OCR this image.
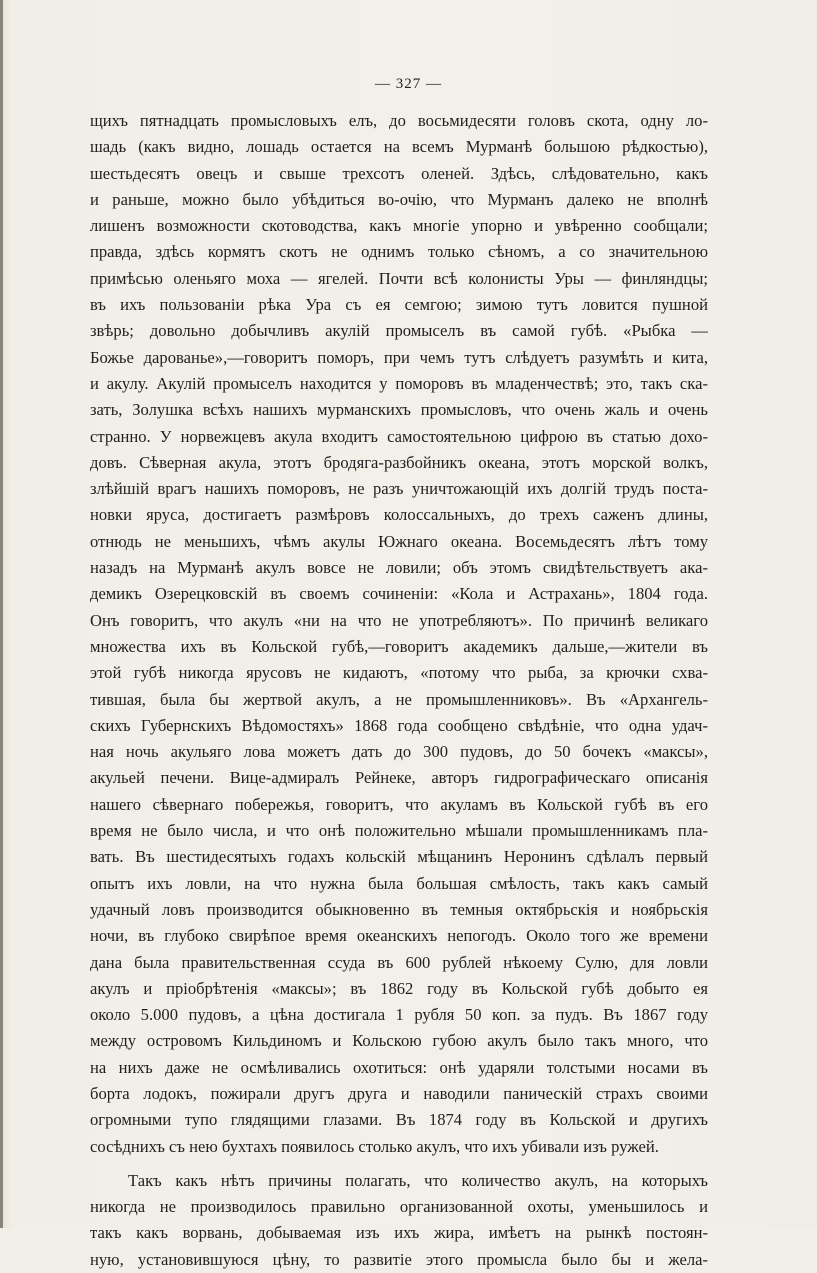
— 327 —
щихъ пятнадцать промысловыхъ елъ, до восьмидесяти головъ скота, одну ло-
шадь (какъ видно, лошадь остается на всемъ Мурманѣ большою рѣдкостью),
шестьдесятъ овецъ и свыше трехсотъ оленей. Здѣсь, слѣдовательно, какъ
и раньше, можно было убѣдиться во-очію, что Мурманъ далеко не вполнѣ
лишенъ возможности скотоводства, какъ многіе упорно и увѣренно сообщали;
правда, здѣсь кормятъ скотъ не однимъ только сѣномъ, а со значительною
примѣсью оленьяго моха — ягелей. Почти всѣ колонисты Уры — финляндцы;
въ ихъ пользованіи рѣка Ура съ ея семгою; зимою тутъ ловится пушной
звѣрь; довольно добычливъ акулій промыселъ въ самой губѣ. «Рыбка —
Божье дарованье»,—говоритъ поморъ, при чемъ тутъ слѣдуетъ разумѣть и кита,
и акулу. Акулій промыселъ находится у поморовъ въ младенчествѣ; это, такъ ска-
зать, Золушка всѣхъ нашихъ мурманскихъ промысловъ, что очень жаль и очень
странно. У норвежцевъ акула входитъ самостоятельною цифрою въ статью дохо-
довъ. Сѣверная акула, этотъ бродяга-разбойникъ океана, этотъ морской волкъ,
злѣйшій врагъ нашихъ поморовъ, не разъ уничтожающій ихъ долгій трудъ поста-
новки яруса, достигаетъ размѣровъ колоссальныхъ, до трехъ саженъ длины,
отнюдь не меньшихъ, чѣмъ акулы Южнаго океана. Восемьдесятъ лѣтъ тому
назадъ на Мурманѣ акулъ вовсе не ловили; объ этомъ свидѣтельствуетъ ака-
демикъ Озерецковскій въ своемъ сочиненіи: «Кола и Астрахань», 1804 года.
Онъ говоритъ, что акулъ «ни на что не употребляютъ». По причинѣ великаго
множества ихъ въ Кольской губѣ,—говоритъ академикъ дальше,—жители въ
этой губѣ никогда ярусовъ не кидаютъ, «потому что рыба, за крючки схва-
тившая, была бы жертвой акулъ, а не промышленниковъ». Въ «Архангель-
скихъ Губернскихъ Вѣдомостяхъ» 1868 года сообщено свѣдѣніе, что одна удач-
ная ночь акульяго лова можетъ дать до 300 пудовъ, до 50 бочекъ «максы»,
акульей печени. Вице-адмиралъ Рейнеке, авторъ гидрографическаго описанія
нашего сѣвернаго побережья, говоритъ, что акуламъ въ Кольской губѣ въ его
время не было числа, и что онѣ положительно мѣшали промышленникамъ пла-
вать. Въ шестидесятыхъ годахъ кольскій мѣщанинъ Неронинъ сдѣлалъ первый
опытъ ихъ ловли, на что нужна была большая смѣлость, такъ какъ самый
удачный ловъ производится обыкновенно въ темныя октябрьскія и ноябрьскія
ночи, въ глубоко свирѣпое время океанскихъ непогодъ. Около того же времени
дана была правительственная ссуда въ 600 рублей нѣкоему Сулю, для ловли
акулъ и пріобрѣтенія «максы»; въ 1862 году въ Кольской губѣ добыто ея
около 5.000 пудовъ, а цѣна достигала 1 рубля 50 коп. за пудъ. Въ 1867 году
между островомъ Кильдиномъ и Кольскою губою акулъ было такъ много, что
на нихъ даже не осмѣливались охотиться: онѣ ударяли толстыми носами въ
борта лодокъ, пожирали другъ друга и наводили паническій страхъ своими
огромными тупо глядящими глазами. Въ 1874 году въ Кольской и другихъ
сосѣднихъ съ нею бухтахъ появилось столько акулъ, что ихъ убивали изъ ружей.
Такъ какъ нѣтъ причины полагать, что количество акулъ, на которыхъ
никогда не производилось правильно организованной охоты, уменьшилось и
такъ какъ ворвань, добываемая изъ ихъ жира, имѣетъ на рынкѣ постоян-
ную, установившуюся цѣну, то развитіе этого промысла было бы и жела-
